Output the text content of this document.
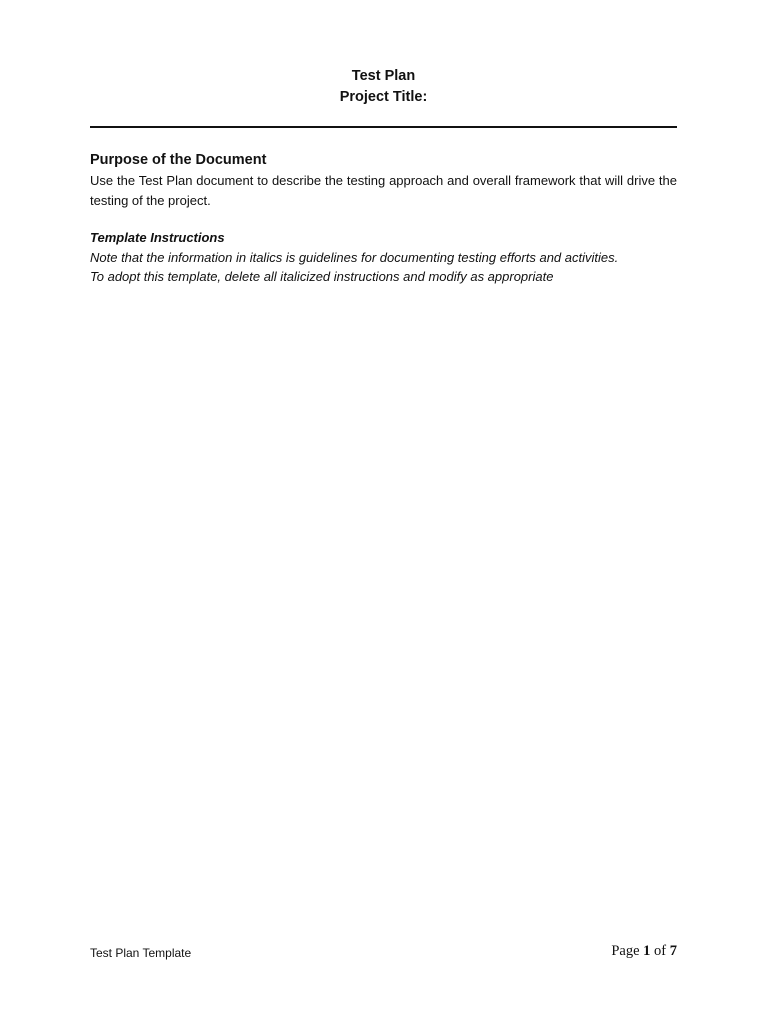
Test Plan

Project Title:

Purpose of the Document

Use the Test Plan document to describe the testing approach and overall framework that will drive the testing of the project.

Template Instructions

Note that the information in italics is guidelines for documenting testing efforts and activities.

To adopt this template, delete all italicized instructions and modify as appropriate

Test Plan Template	Page 1 of 7
